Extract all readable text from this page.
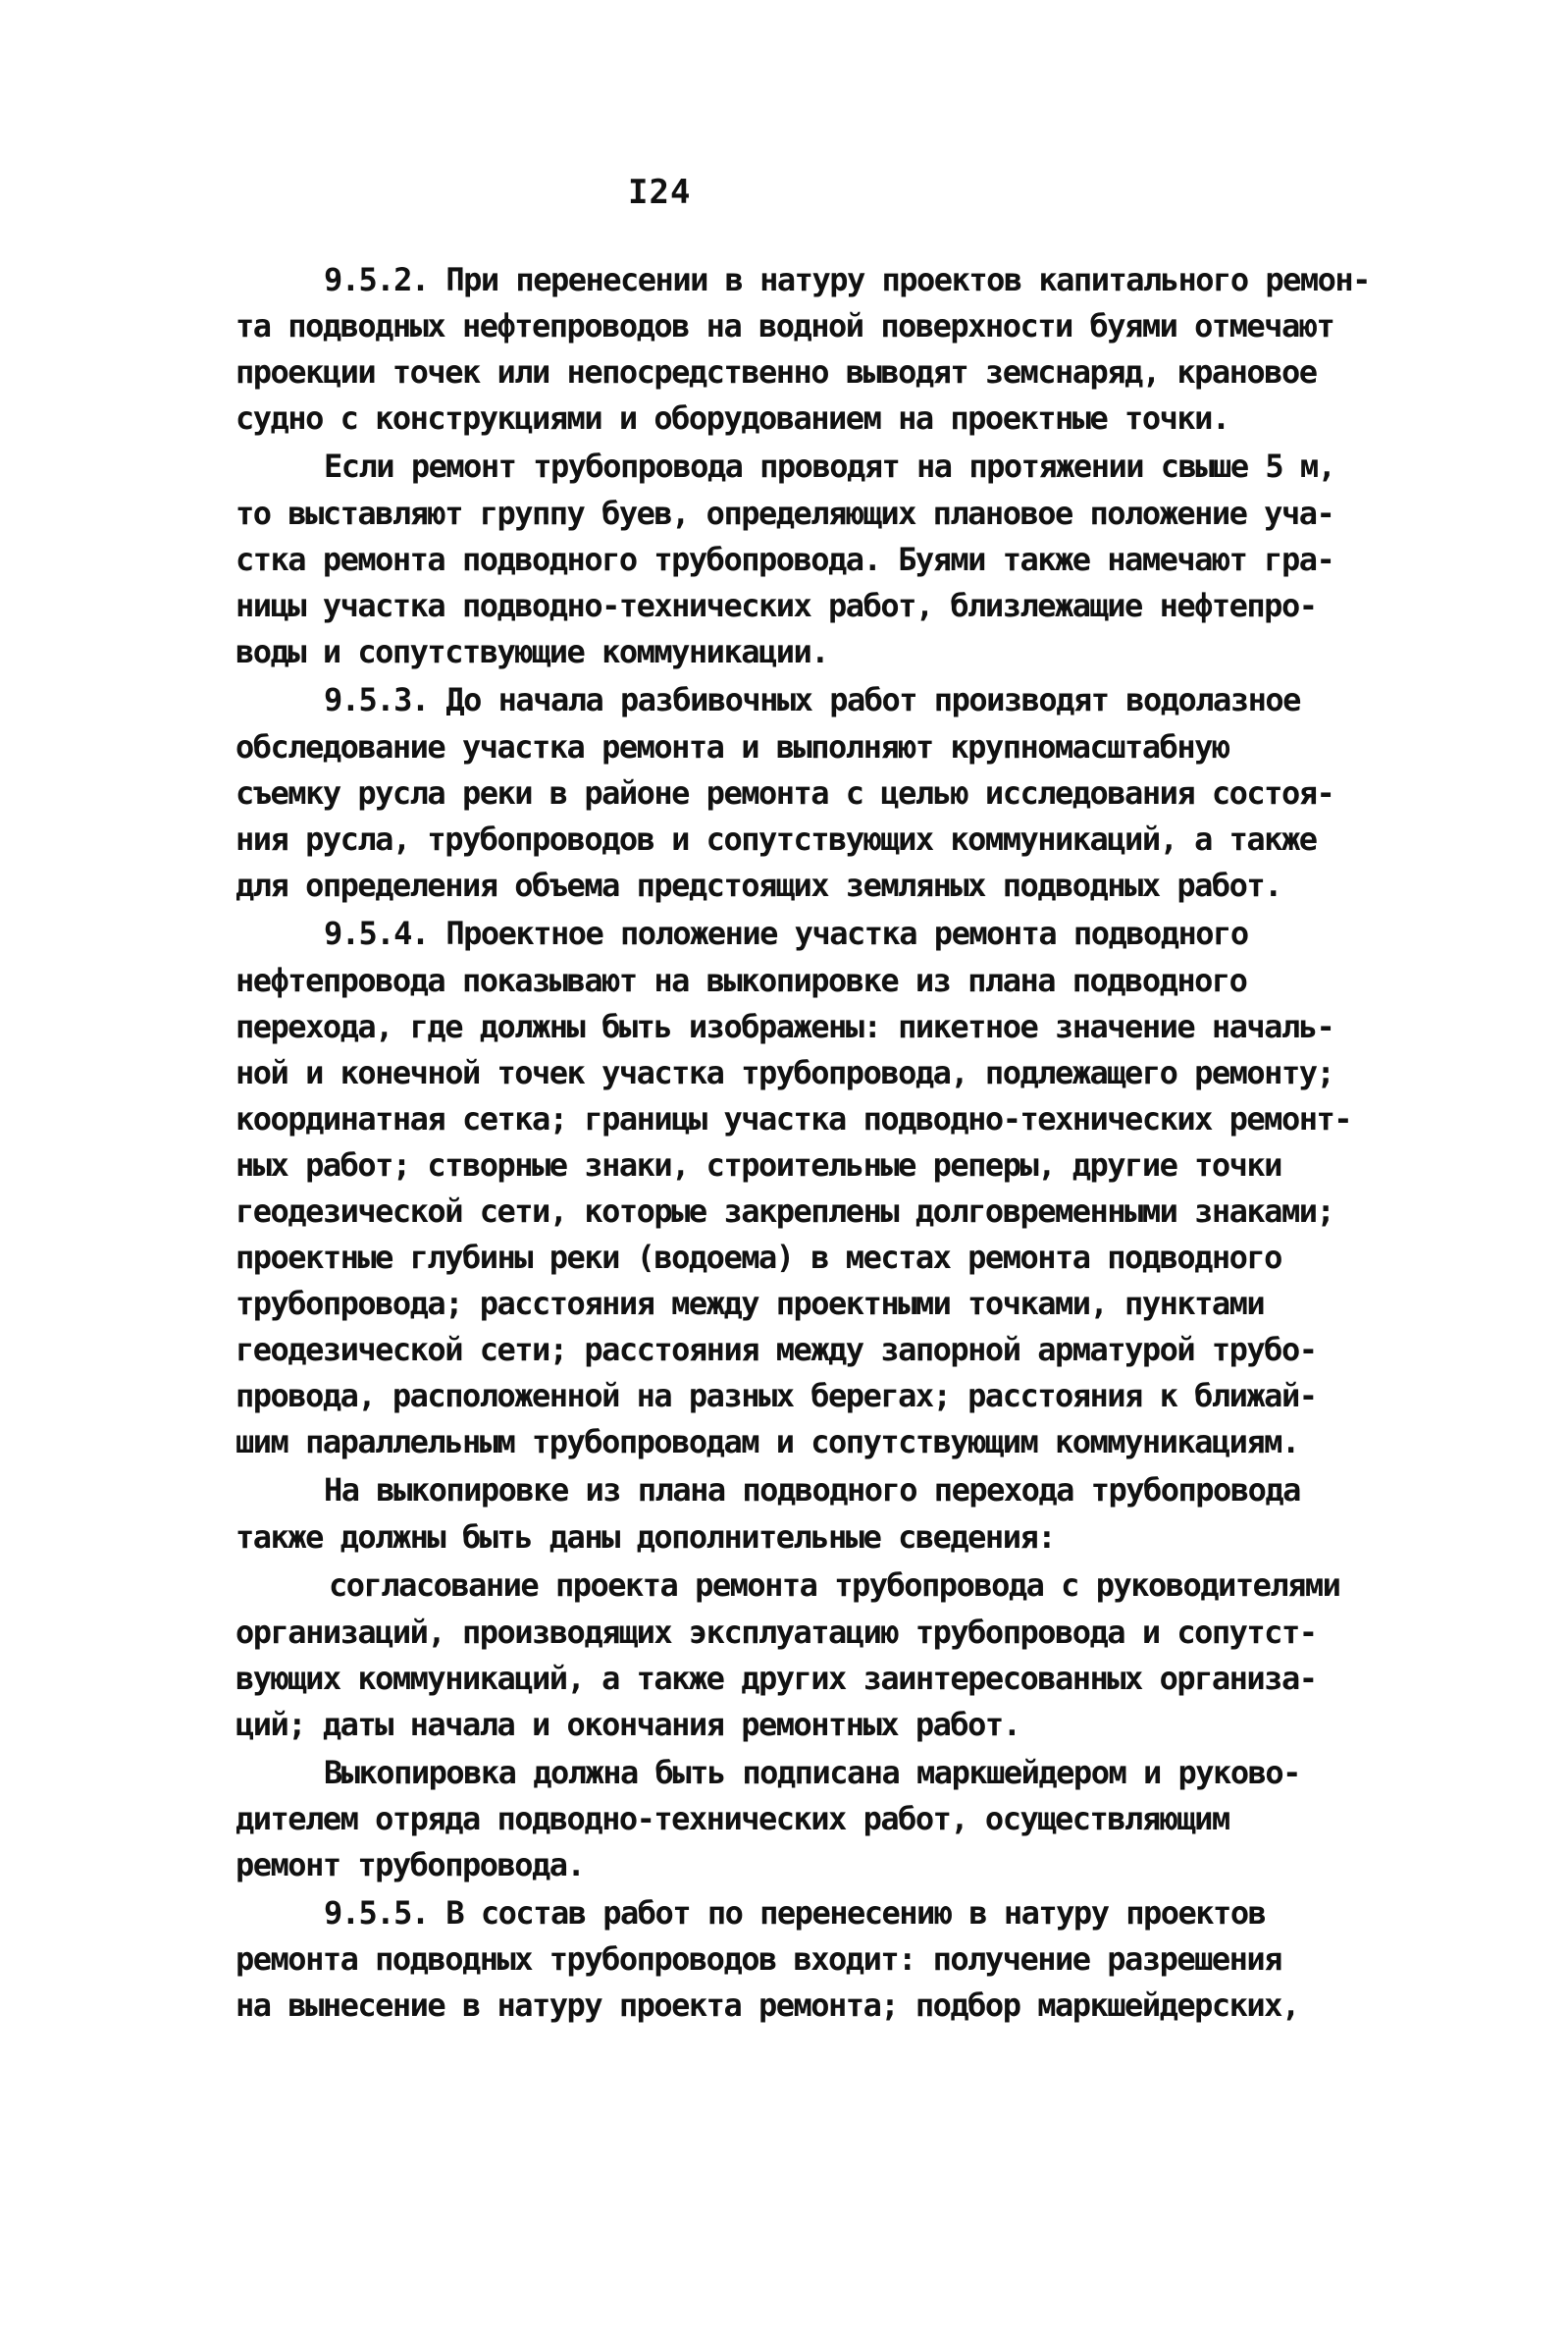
I24
9.5.2. При перенесении в натуру проектов капитального ремон-
та подводных нефтепроводов на водной поверхности буями отмечают
проекции точек или непосредственно выводят земснаряд, крановое
судно с конструкциями и оборудованием на проектные точки.
Если ремонт трубопровода проводят на протяжении свыше 5 м,
то выставляют группу буев, определяющих плановое положение уча-
стка ремонта подводного трубопровода. Буями также намечают гра-
ницы участка подводно-технических работ, близлежащие нефтепро-
воды и сопутствующие коммуникации.
9.5.3. До начала разбивочных работ производят водолазное
обследование участка ремонта и выполняют крупномасштабную
съемку русла реки в районе ремонта с целью исследования состоя-
ния русла, трубопроводов и сопутствующих коммуникаций, а также
для определения объема предстоящих земляных подводных работ.
9.5.4. Проектное положение участка ремонта подводного
нефтепровода показывают на выкопировке из плана подводного
перехода, где должны быть изображены: пикетное значение началь-
ной и конечной точек участка трубопровода, подлежащего ремонту;
координатная сетка; границы участка подводно-технических ремонт-
ных работ; створные знаки, строительные реперы, другие точки
геодезической сети, которые закреплены долговременными знаками;
проектные глубины реки (водоема) в местах ремонта подводного
трубопровода; расстояния между проектными точками, пунктами
геодезической сети; расстояния между запорной арматурой трубо-
провода, расположенной на разных берегах; расстояния к ближай-
шим параллельным трубопроводам и сопутствующим коммуникациям.
На выкопировке из плана подводного перехода трубопровода
также должны быть даны дополнительные сведения:
согласование проекта ремонта трубопровода с руководителями
организаций, производящих эксплуатацию трубопровода и сопутст-
вующих коммуникаций, а также других заинтересованных организа-
ций; даты начала и окончания ремонтных работ.
Выкопировка должна быть подписана маркшейдером и руково-
дителем отряда подводно-технических работ, осуществляющим
ремонт трубопровода.
9.5.5. В состав работ по перенесению в натуру проектов
ремонта подводных трубопроводов входит: получение разрешения
на вынесение в натуру проекта ремонта; подбор маркшейдерских,
